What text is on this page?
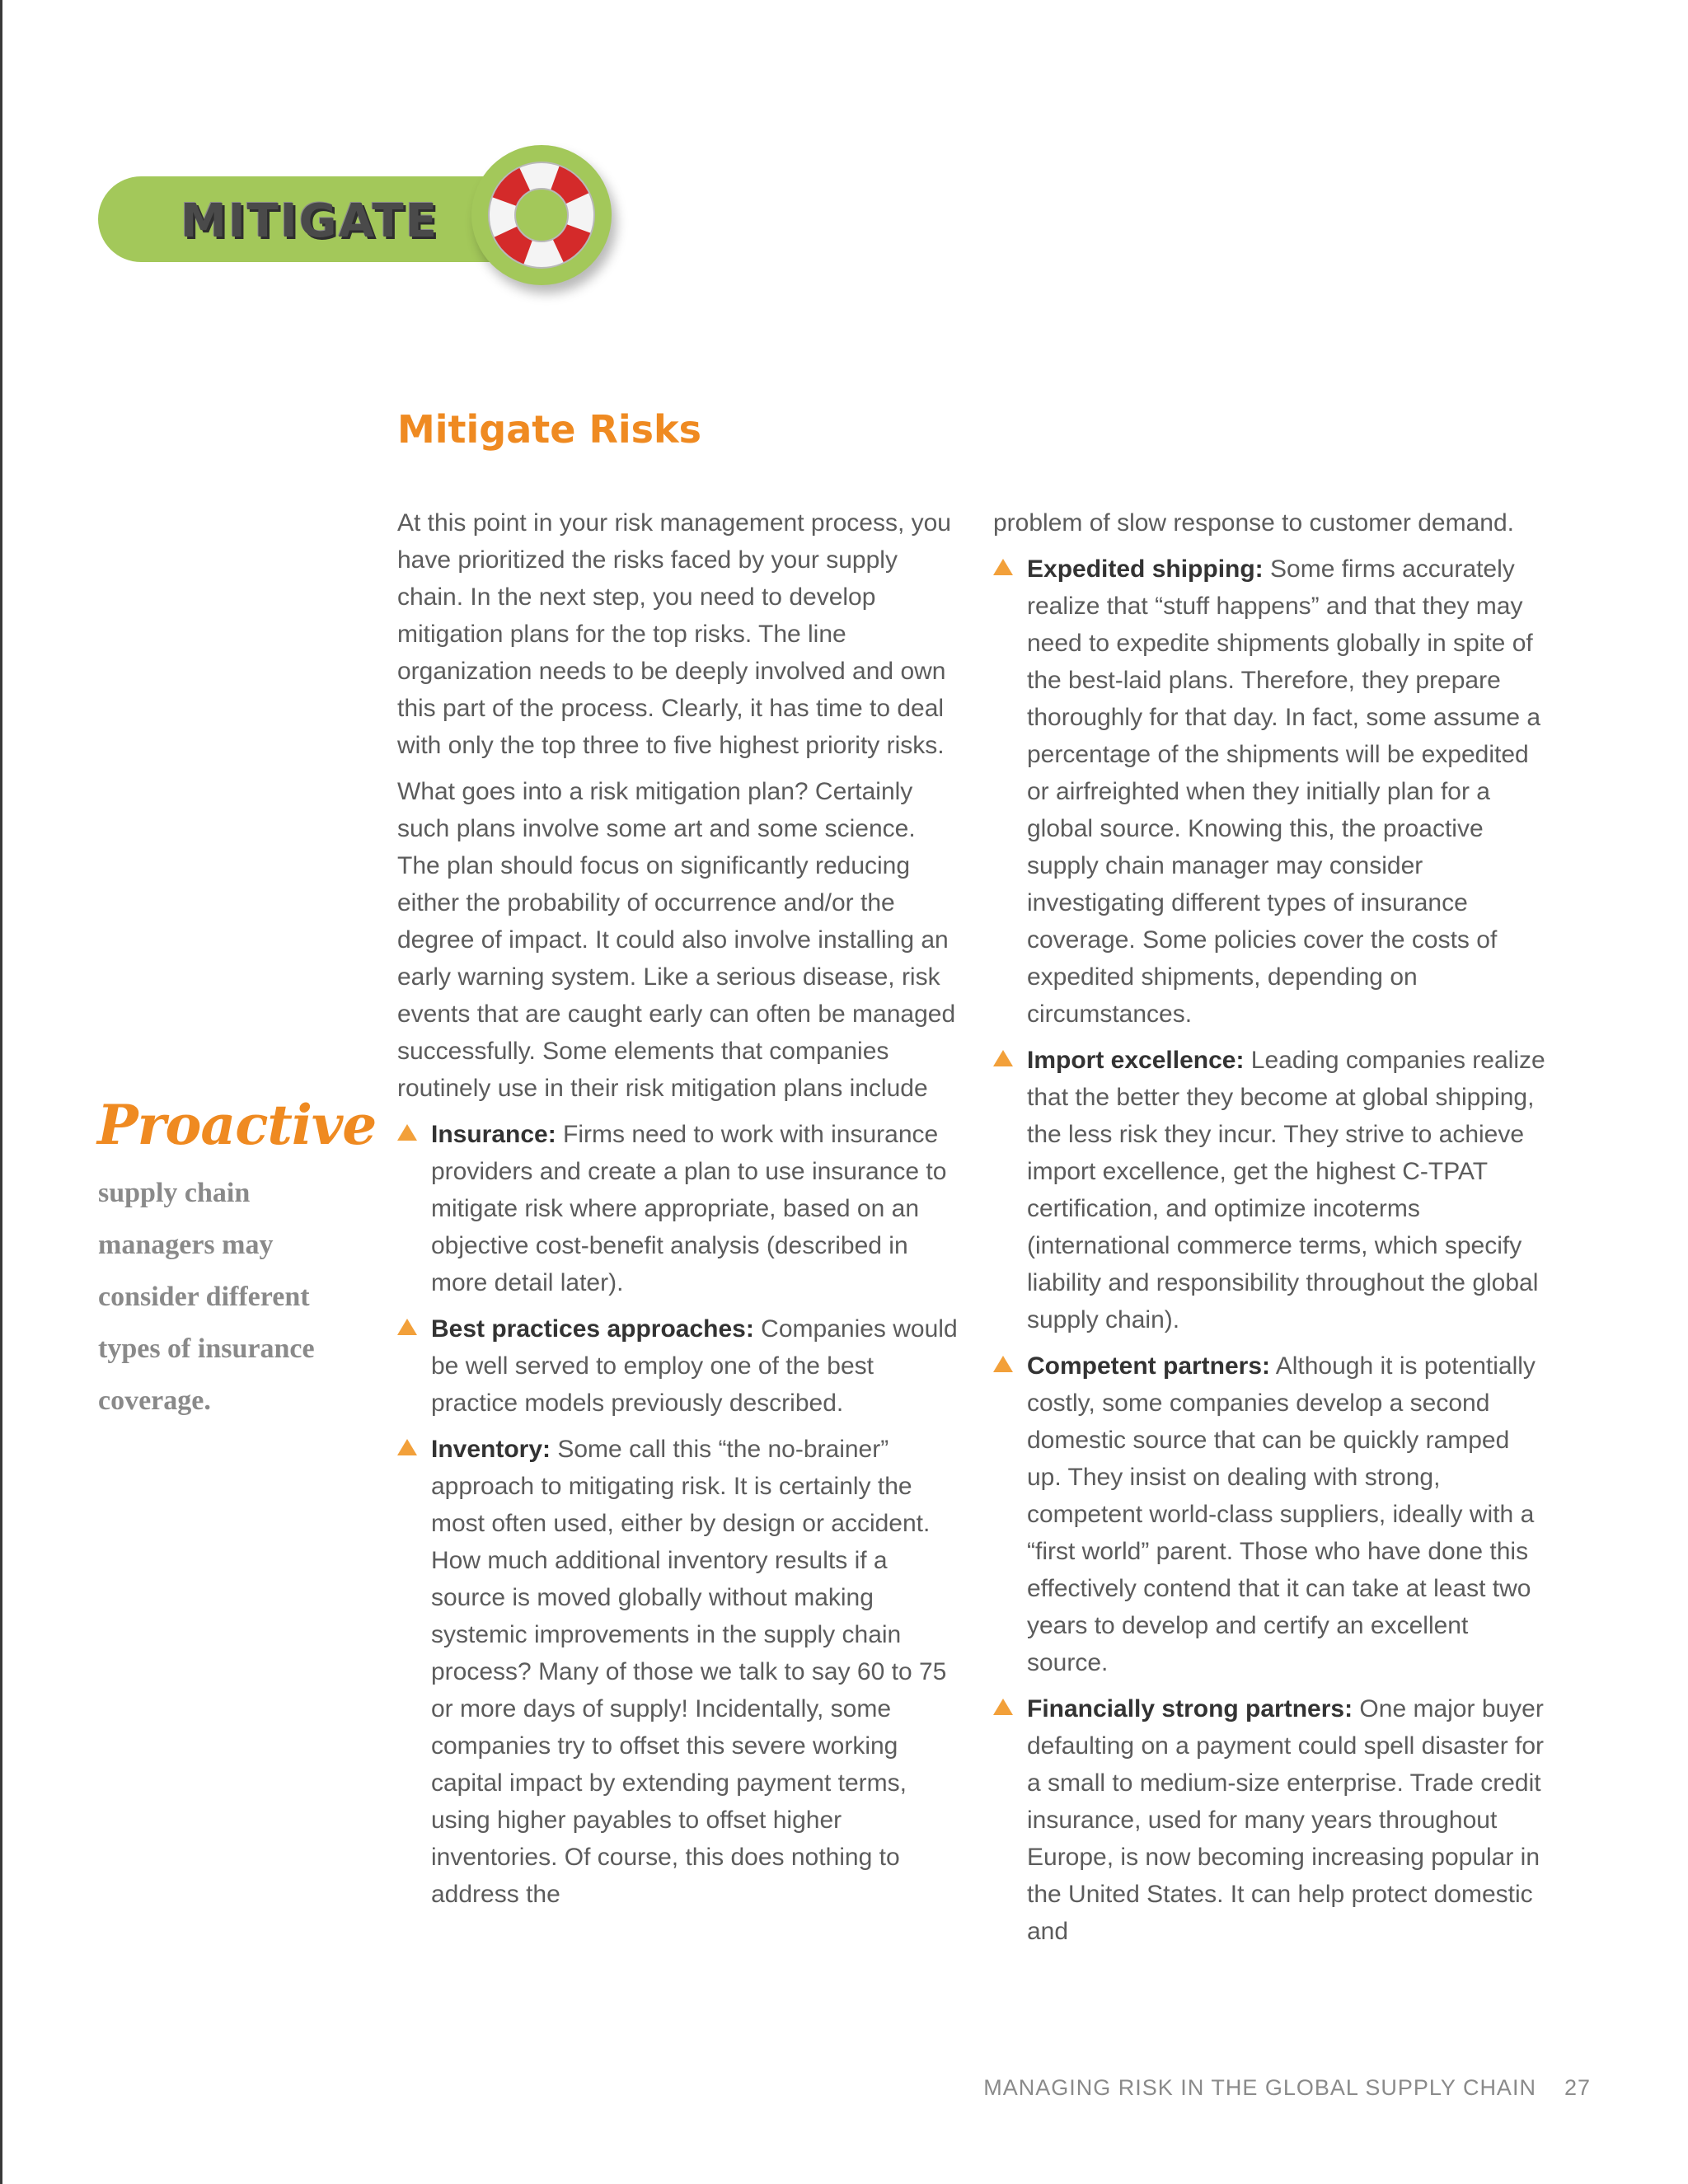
MITIGATE
Mitigate Risks
Proactive

supply chain managers may consider different types of insurance coverage.

At this point in your risk management process, you have prioritized the risks faced by your supply chain. In the next step, you need to develop mitigation plans for the top risks. The line organization needs to be deeply involved and own this part of the process. Clearly, it has time to deal with only the top three to five highest priority risks.

What goes into a risk mitigation plan? Certainly such plans involve some art and some science. The plan should focus on significantly reducing either the probability of occurrence and/or the degree of impact. It could also involve installing an early warning system. Like a serious disease, risk events that are caught early can often be managed successfully. Some elements that companies routinely use in their risk mitigation plans include

Insurance: Firms need to work with insurance providers and create a plan to use insurance to mitigate risk where appropriate, based on an objective cost-benefit analysis (described in more detail later).
Best practices approaches: Companies would be well served to employ one of the best practice models previously described.
Inventory: Some call this “the no-brainer” approach to mitigating risk. It is certainly the most often used, either by design or accident. How much additional inventory results if a source is moved globally without making systemic improvements in the supply chain process? Many of those we talk to say 60 to 75 or more days of supply! Incidentally, some companies try to offset this severe working capital impact by extending payment terms, using higher payables to offset higher inventories. Of course, this does nothing to address the

problem of slow response to customer demand.

Expedited shipping: Some firms accurately realize that “stuff happens” and that they may need to expedite shipments globally in spite of the best-laid plans. Therefore, they prepare thoroughly for that day. In fact, some assume a percentage of the shipments will be expedited or airfreighted when they initially plan for a global source. Knowing this, the proactive supply chain manager may consider investigating different types of insurance coverage. Some policies cover the costs of expedited shipments, depending on circumstances.
Import excellence: Leading companies realize that the better they become at global shipping, the less risk they incur. They strive to achieve import excellence, get the highest C-TPAT certification, and optimize incoterms (international commerce terms, which specify liability and responsibility throughout the global supply chain).
Competent partners: Although it is potentially costly, some companies develop a second domestic source that can be quickly ramped up. They insist on dealing with strong, competent world-class suppliers, ideally with a “first world” parent. Those who have done this effectively contend that it can take at least two years to develop and certify an excellent source.
Financially strong partners: One major buyer defaulting on a payment could spell disaster for a small to medium-size enterprise. Trade credit insurance, used for many years throughout Europe, is now becoming increasing popular in the United States. It can help protect domestic and
MANAGING RISK IN THE GLOBAL SUPPLY CHAIN 27
